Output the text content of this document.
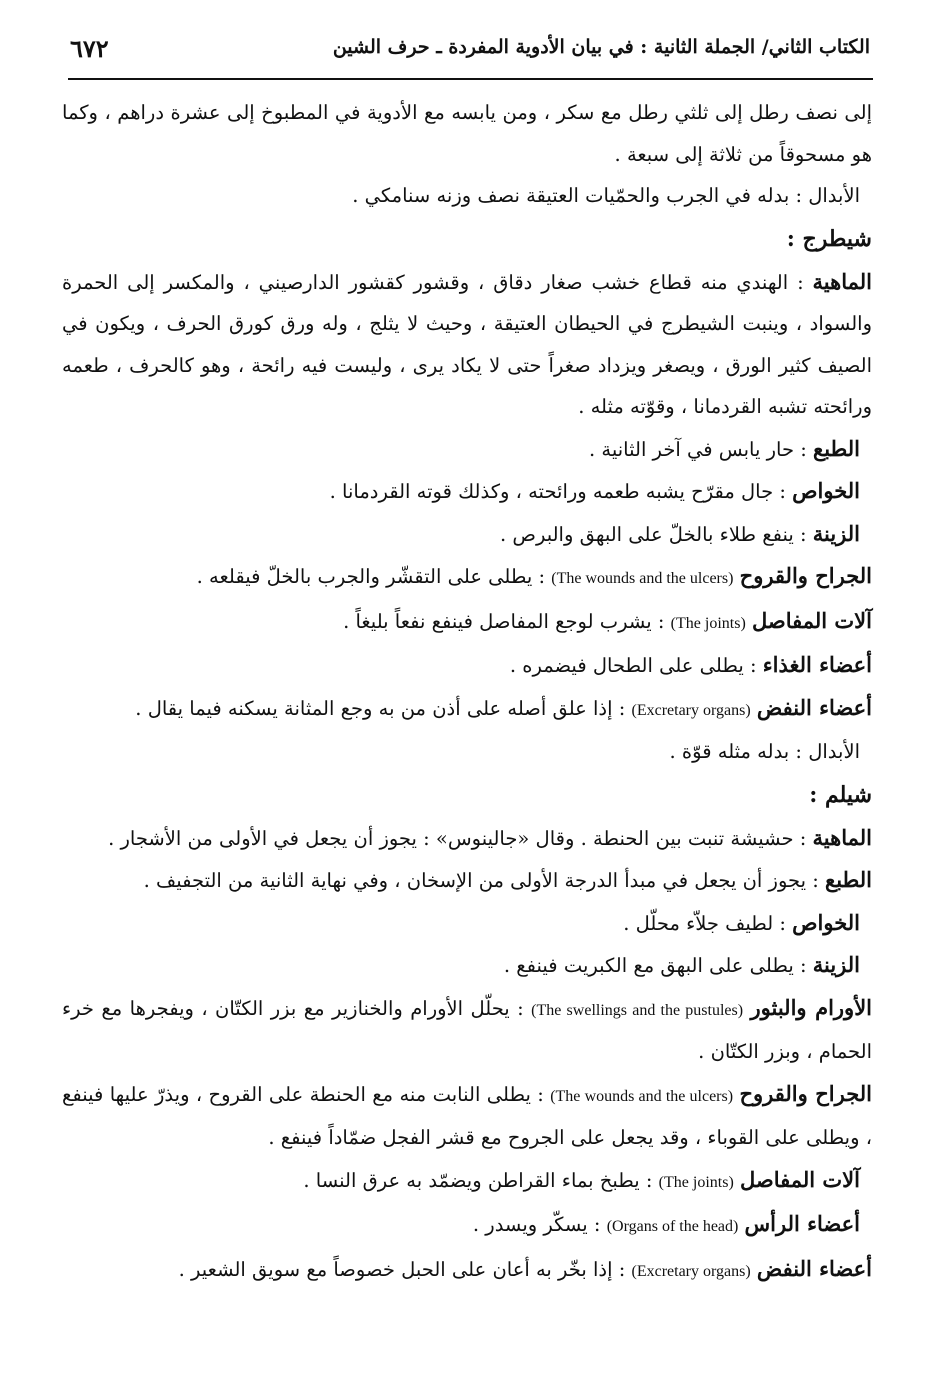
٦٧٢	الكتاب الثاني/ الجملة الثانية : في بيان الأدوية المفردة ـ حرف الشين

إلى نصف رطل إلى ثلثي رطل مع سكر ، ومن يابسه مع الأدوية في المطبوخ إلى عشرة دراهم ، وكما هو مسحوقاً من ثلاثة إلى سبعة .

الأبدال : بدله في الجرب والحمّيات العتيقة نصف وزنه سنامكي .

شيطرج :

الماهية : الهندي منه قطاع خشب صغار دقاق ، وقشور كقشور الدارصيني ، والمكسر إلى الحمرة والسواد ، وينبت الشيطرج في الحيطان العتيقة ، وحيث لا يثلج ، وله ورق كورق الحرف ، ويكون في الصيف كثير الورق ، ويصغر ويزداد صغراً حتى لا يكاد يرى ، وليست فيه رائحة ، وهو كالحرف ، طعمه ورائحته تشبه القردمانا ، وقوّته مثله .

الطبع : حار يابس في آخر الثانية .

الخواص : جال مقرّح يشبه طعمه ورائحته ، وكذلك قوته القردمانا .

الزينة : ينفع طلاء بالخلّ على البهق والبرص .

الجراح والقروح (The wounds and the ulcers) : يطلى على التقشّر والجرب بالخلّ فيقلعه .

آلات المفاصل (The joints) : يشرب لوجع المفاصل فينفع نفعاً بليغاً .

أعضاء الغذاء : يطلى على الطحال فيضمره .

أعضاء النفض (Excretary organs) : إذا علق أصله على أذن من به وجع المثانة يسكنه فيما يقال .

الأبدال : بدله مثله قوّة .

شيلم :

الماهية : حشيشة تنبت بين الحنطة . وقال «جالينوس» : يجوز أن يجعل في الأولى من الأشجار .

الطبع : يجوز أن يجعل في مبدأ الدرجة الأولى من الإسخان ، وفي نهاية الثانية من التجفيف .

الخواص : لطيف جلاّء محلّل .

الزينة : يطلى على البهق مع الكبريت فينفع .

الأورام والبثور (The swellings and the pustules) : يحلّل الأورام والخنازير مع بزر الكتّان ، ويفجرها مع خرء الحمام ، وبزر الكتّان .

الجراح والقروح (The wounds and the ulcers) : يطلى النابت منه مع الحنطة على القروح ، ويذرّ عليها فينفع ، ويطلى على القوباء ، وقد يجعل على الجروح مع قشر الفجل ضمّاداً فينفع .

آلات المفاصل (The joints) : يطبخ بماء القراطن ويضمّد به عرق النسا .

أعضاء الرأس (Organs of the head) : يسكّر ويسدر .

أعضاء النفض (Excretary organs) : إذا بخّر به أعان على الحبل خصوصاً مع سويق الشعير .
